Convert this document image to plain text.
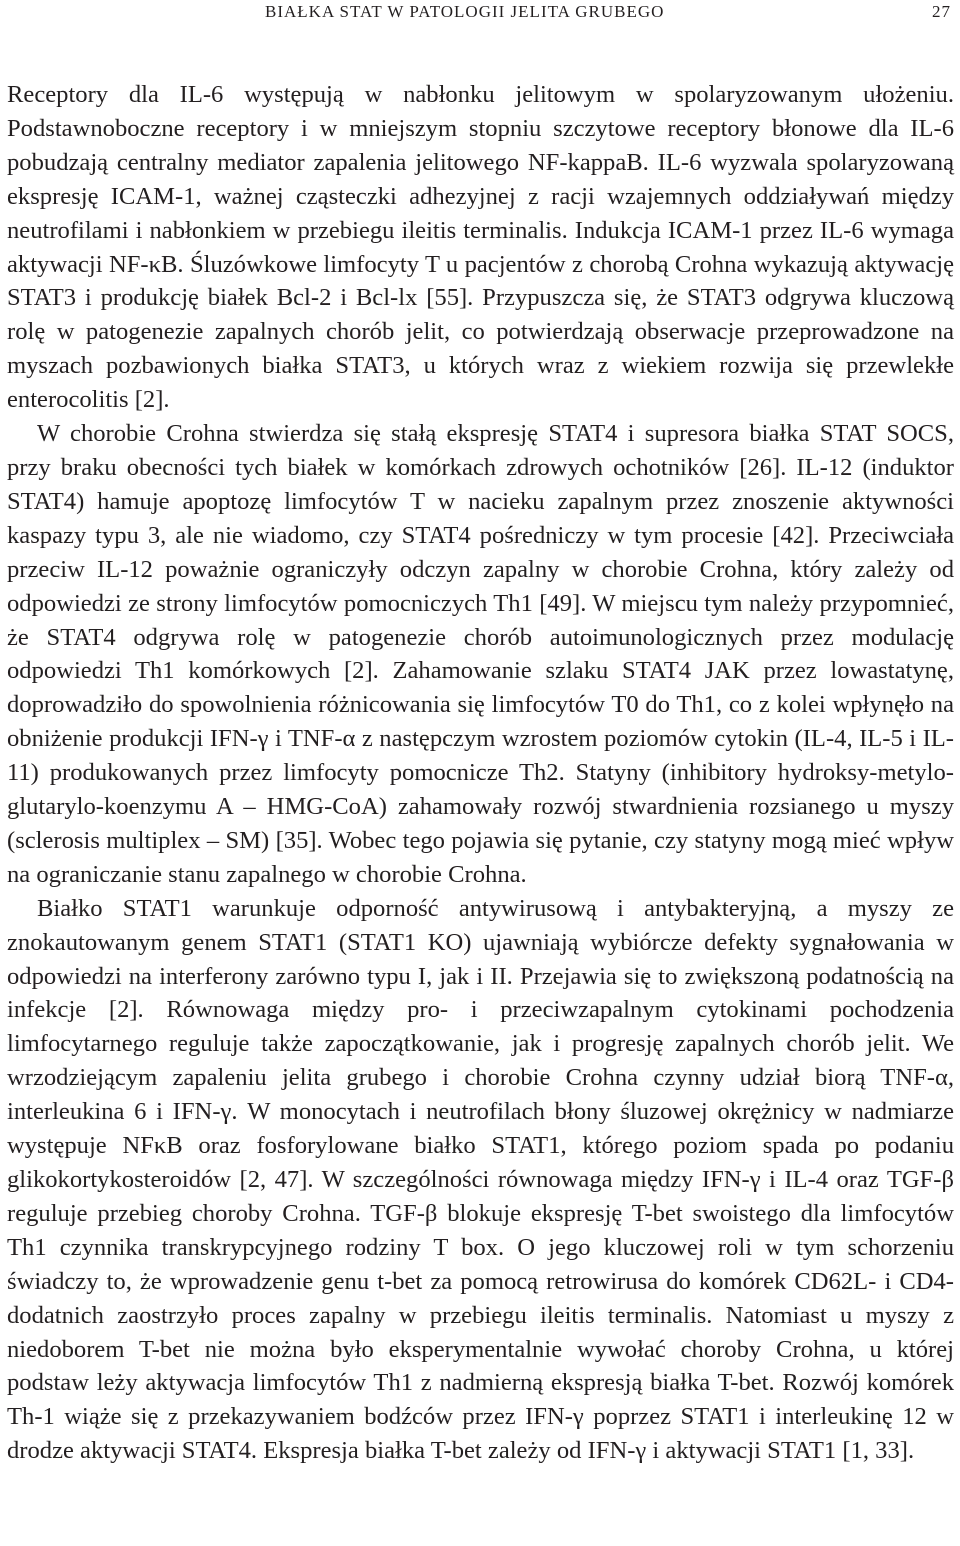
BIAŁKA STAT W PATOLOGII JELITA GRUBEGO	27

Receptory dla IL-6 występują w nabłonku jelitowym w spolaryzowanym ułożeniu. Podstawnoboczne receptory i w mniejszym stopniu szczytowe receptory błonowe dla IL-6 pobudzają centralny mediator zapalenia jelitowego NF-kappaB. IL-6 wyzwala spolaryzowaną ekspresję ICAM-1, ważnej cząsteczki adhezyjnej z racji wzajemnych oddziaływań między neutrofilami i nabłonkiem w przebiegu ileitis terminalis. Indukcja ICAM-1 przez IL-6 wymaga aktywacji NF-κB. Śluzówkowe limfocyty T u pacjentów z chorobą Crohna wykazują aktywację STAT3 i produkcję białek Bcl-2 i Bcl-lx [55]. Przypuszcza się, że STAT3 odgrywa kluczową rolę w patogenezie zapalnych chorób jelit, co potwierdzają obserwacje przeprowadzone na myszach pozbawionych białka STAT3, u których wraz z wiekiem rozwija się przewlekłe enterocolitis [2].

W chorobie Crohna stwierdza się stałą ekspresję STAT4 i supresora białka STAT SOCS, przy braku obecności tych białek w komórkach zdrowych ochotników [26]. IL-12 (induktor STAT4) hamuje apoptozę limfocytów T w nacieku zapalnym przez znoszenie aktywności kaspazy typu 3, ale nie wiadomo, czy STAT4 pośredniczy w tym procesie [42]. Przeciwciała przeciw IL-12 poważnie ograniczyły odczyn zapalny w chorobie Crohna, który zależy od odpowiedzi ze strony limfocytów pomocniczych Th1 [49]. W miejscu tym należy przypomnieć, że STAT4 odgrywa rolę w patogenezie chorób autoimunologicznych przez modulację odpowiedzi Th1 komórkowych [2]. Zahamowanie szlaku STAT4 JAK przez lowastatynę, doprowadziło do spowolnienia różnicowania się limfocytów T0 do Th1, co z kolei wpłynęło na obniżenie produkcji IFN-γ i TNF-α z następczym wzrostem poziomów cytokin (IL-4, IL-5 i IL-11) produkowanych przez limfocyty pomocnicze Th2. Statyny (inhibitory hydroksy-metylo-glutarylo-koenzymu A – HMG-CoA) zahamowały rozwój stwardnienia rozsianego u myszy (sclerosis multiplex – SM) [35]. Wobec tego pojawia się pytanie, czy statyny mogą mieć wpływ na ograniczanie stanu zapalnego w chorobie Crohna.

Białko STAT1 warunkuje odporność antywirusową i antybakteryjną, a myszy ze znokautowanym genem STAT1 (STAT1 KO) ujawniają wybiórcze defekty sygnałowania w odpowiedzi na interferony zarówno typu I, jak i II. Przejawia się to zwiększoną podatnością na infekcje [2]. Równowaga między pro- i przeciwzapalnym cytokinami pochodzenia limfocytarnego reguluje także zapoczątkowanie, jak i progresję zapalnych chorób jelit. We wrzodziejącym zapaleniu jelita grubego i chorobie Crohna czynny udział biorą TNF-α, interleukina 6 i IFN-γ. W monocytach i neutrofilach błony śluzowej okrężnicy w nadmiarze występuje NFκB oraz fosforylowane białko STAT1, którego poziom spada po podaniu glikokortykosteroidów [2, 47]. W szczególności równowaga między IFN-γ i IL-4 oraz TGF-β reguluje przebieg choroby Crohna. TGF-β blokuje ekspresję T-bet swoistego dla limfocytów Th1 czynnika transkrypcyjnego rodziny T box. O jego kluczowej roli w tym schorzeniu świadczy to, że wprowadzenie genu t-bet za pomocą retrowirusa do komórek CD62L- i CD4-dodatnich zaostrzyło proces zapalny w przebiegu ileitis terminalis. Natomiast u myszy z niedoborem T-bet nie można było eksperymentalnie wywołać choroby Crohna, u której podstaw leży aktywacja limfocytów Th1 z nadmierną ekspresją białka T-bet. Rozwój komórek Th-1 wiąże się z przekazywaniem bodźców przez IFN-γ poprzez STAT1 i interleukinę 12 w drodze aktywacji STAT4. Ekspresja białka T-bet zależy od IFN-γ i aktywacji STAT1 [1, 33].
